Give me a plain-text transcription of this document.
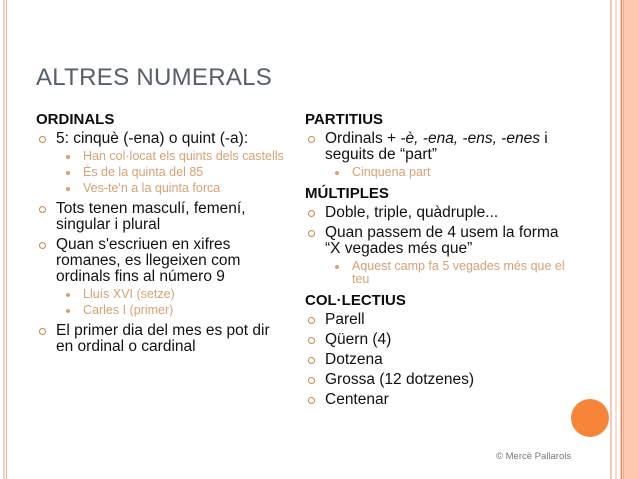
ALTRES NUMERALS
ORDINALS
5: cinquè (-ena) o quint (-a):
Han col·locat els quints dels castells
És de la quinta del 85
Ves-te'n a la quinta forca
Tots tenen masculí, femení, singular i plural
Quan s'escriuen en xifres romanes, es llegeixen com ordinals fins al número 9
Lluís XVI (setze)
Carles I (primer)
El primer dia del mes es pot dir en ordinal o cardinal
PARTITIUS
Ordinals + -è, -ena, -ens, -enes i seguits de “part”
Cinquena part
MÚLTIPLES
Doble, triple, quàdruple...
Quan passem de 4 usem la forma “X vegades més que”
Aquest camp fa 5 vegades més que el teu
COL·LECTIUS
Parell
Qüern (4)
Dotzena
Grossa (12 dotzenes)
Centenar
© Mercè Pallarols
